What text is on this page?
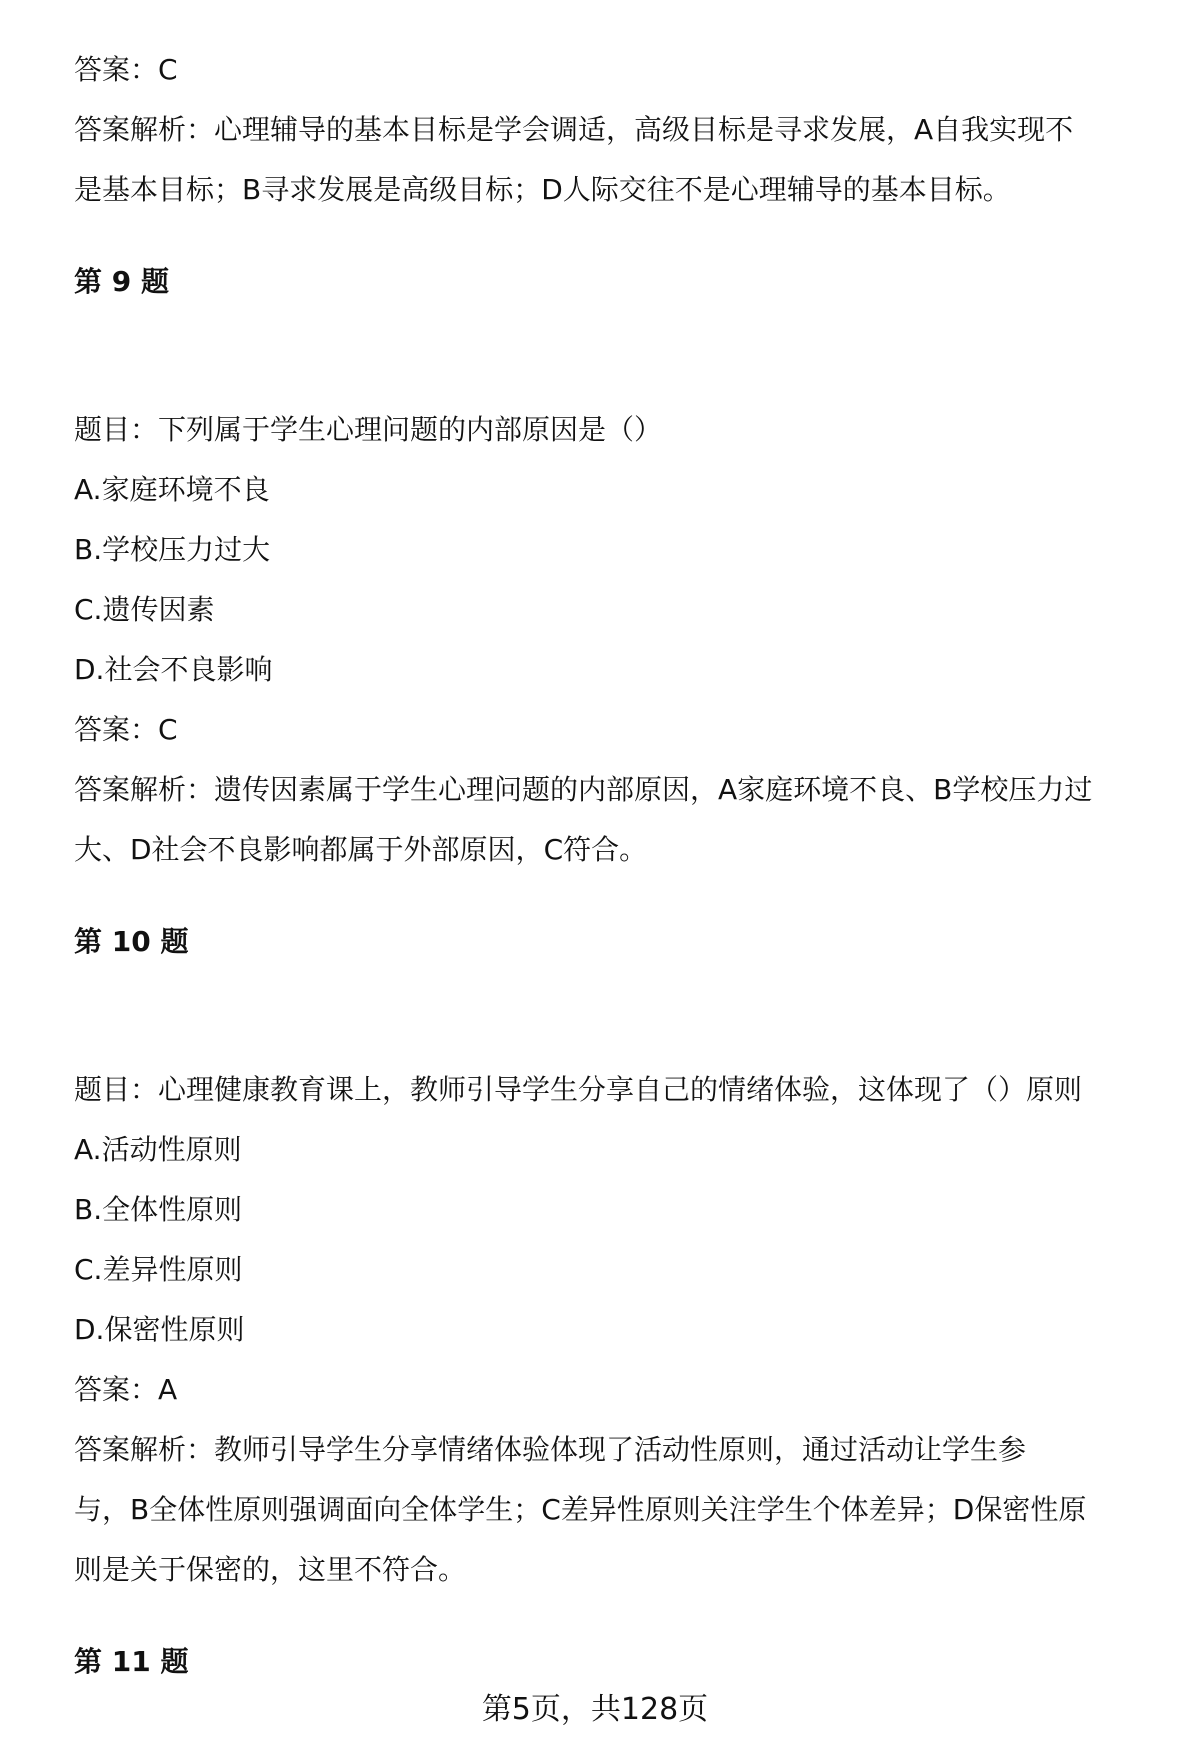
答案：C
答案解析：心理辅导的基本目标是学会调适，高级目标是寻求发展，A自我实现不
是基本目标；B寻求发展是高级目标；D人际交往不是心理辅导的基本目标。
第 9 题
题目：下列属于学生心理问题的内部原因是（）
A.家庭环境不良
B.学校压力过大
C.遗传因素
D.社会不良影响
答案：C
答案解析：遗传因素属于学生心理问题的内部原因，A家庭环境不良、B学校压力过
大、D社会不良影响都属于外部原因，C符合。
第 10 题
题目：心理健康教育课上，教师引导学生分享自己的情绪体验，这体现了（）原则
A.活动性原则
B.全体性原则
C.差异性原则
D.保密性原则
答案：A
答案解析：教师引导学生分享情绪体验体现了活动性原则，通过活动让学生参
与，B全体性原则强调面向全体学生；C差异性原则关注学生个体差异；D保密性原
则是关于保密的，这里不符合。
第 11 题
第5页，共128页
